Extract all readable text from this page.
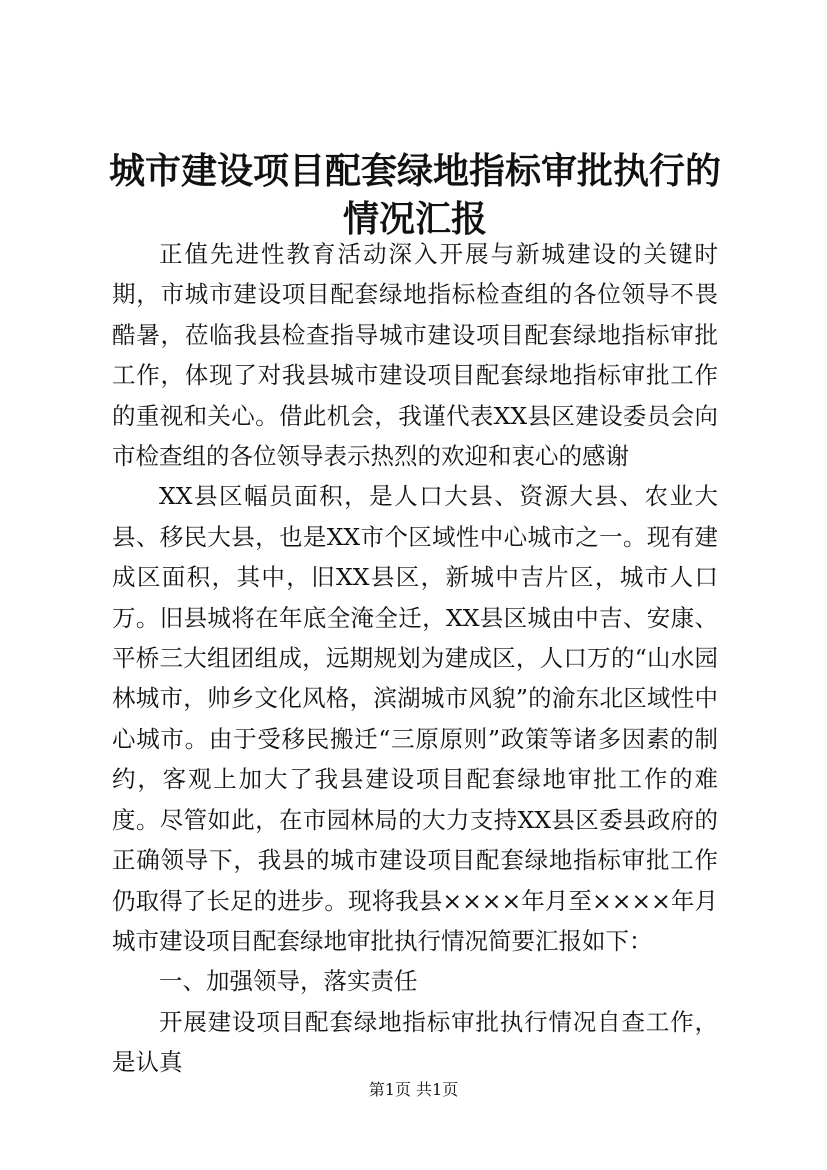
城市建设项目配套绿地指标审批执行的情况汇报

正值先进性教育活动深入开展与新城建设的关键时期，市城市建设项目配套绿地指标检查组的各位领导不畏酷暑，莅临我县检查指导城市建设项目配套绿地指标审批工作，体现了对我县城市建设项目配套绿地指标审批工作的重视和关心。借此机会，我谨代表XX县区建设委员会向市检查组的各位领导表示热烈的欢迎和衷心的感谢

XX县区幅员面积，是人口大县、资源大县、农业大县、移民大县，也是XX市个区域性中心城市之一。现有建成区面积，其中，旧XX县区，新城中吉片区，城市人口万。旧县城将在年底全淹全迁，XX县区城由中吉、安康、平桥三大组团组成，远期规划为建成区，人口万的“山水园林城市，帅乡文化风格，滨湖城市风貌”的渝东北区域性中心城市。由于受移民搬迁“三原原则”政策等诸多因素的制约，客观上加大了我县建设项目配套绿地审批工作的难度。尽管如此，在市园林局的大力支持XX县区委县政府的正确领导下，我县的城市建设项目配套绿地指标审批工作仍取得了长足的进步。现将我县××××年月至××××年月城市建设项目配套绿地审批执行情况简要汇报如下：

一、加强领导，落实责任

开展建设项目配套绿地指标审批执行情况自查工作，是认真

第1页 共1页
